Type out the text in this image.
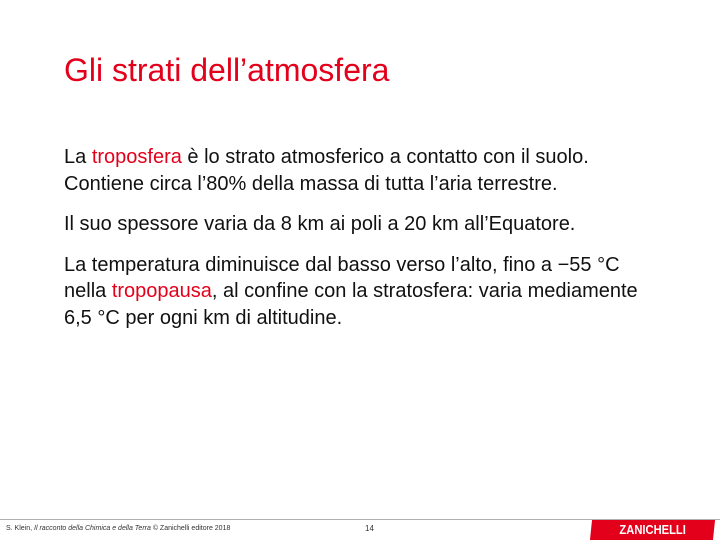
Gli strati dell’atmosfera

La troposfera è lo strato atmosferico a contatto con il suolo. Contiene circa l’80% della massa di tutta l’aria terrestre.

Il suo spessore varia da 8 km ai poli a 20 km all’Equatore.

La temperatura diminuisce dal basso verso l’alto, fino a −55 °C nella tropopausa, al confine con la stratosfera: varia mediamente 6,5 °C per ogni km di altitudine.

S. Klein, Il racconto della Chimica e della Terra © Zanichelli editore 2018	14	ZANICHELLI
